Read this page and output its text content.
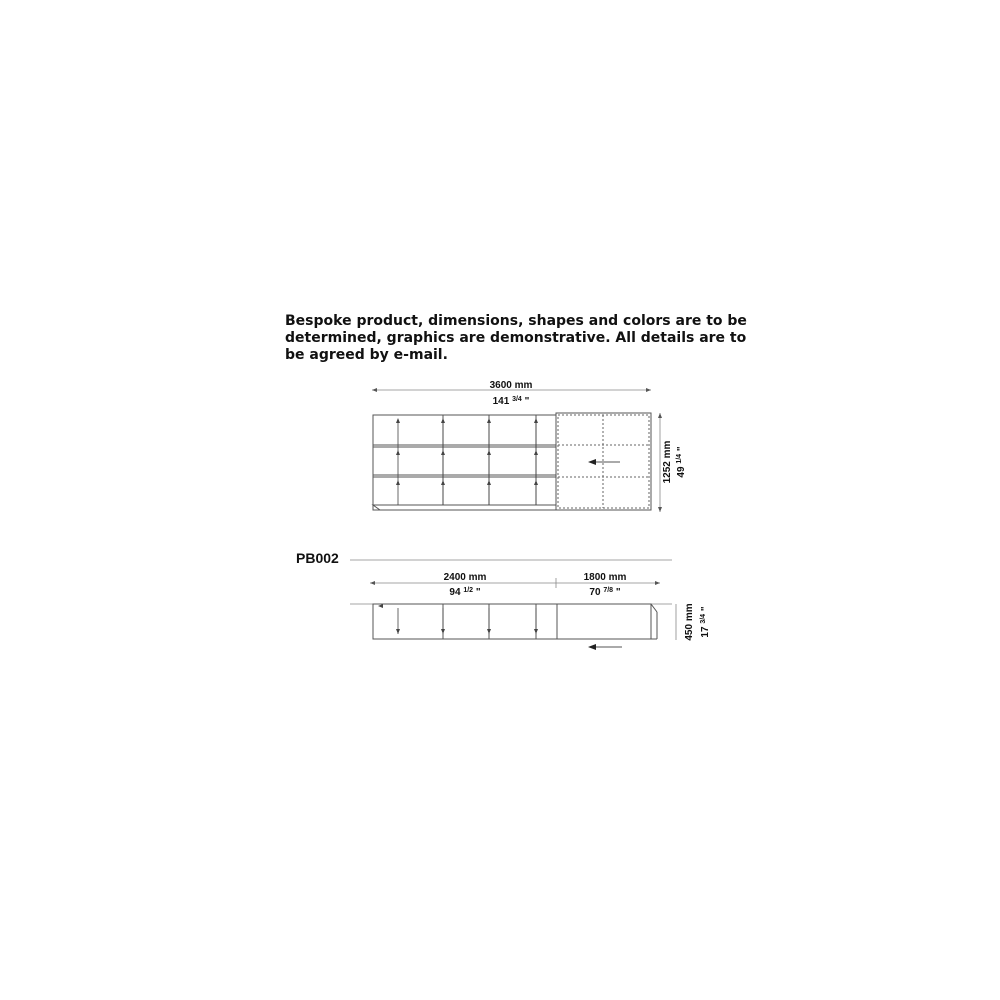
Bespoke product, dimensions, shapes and colors are to be
determined, graphics are demonstrative. All details are to
be agreed by e-mail.
3600 mm
141 $^{3/4}$ "
1252 mm 49 $^{1/4}$ "
PB002
2400 mm
94 $^{1/2}$ "
1800 mm
70 $^{7/8}$ "
450 mm 17 $^{3/4}$ "
